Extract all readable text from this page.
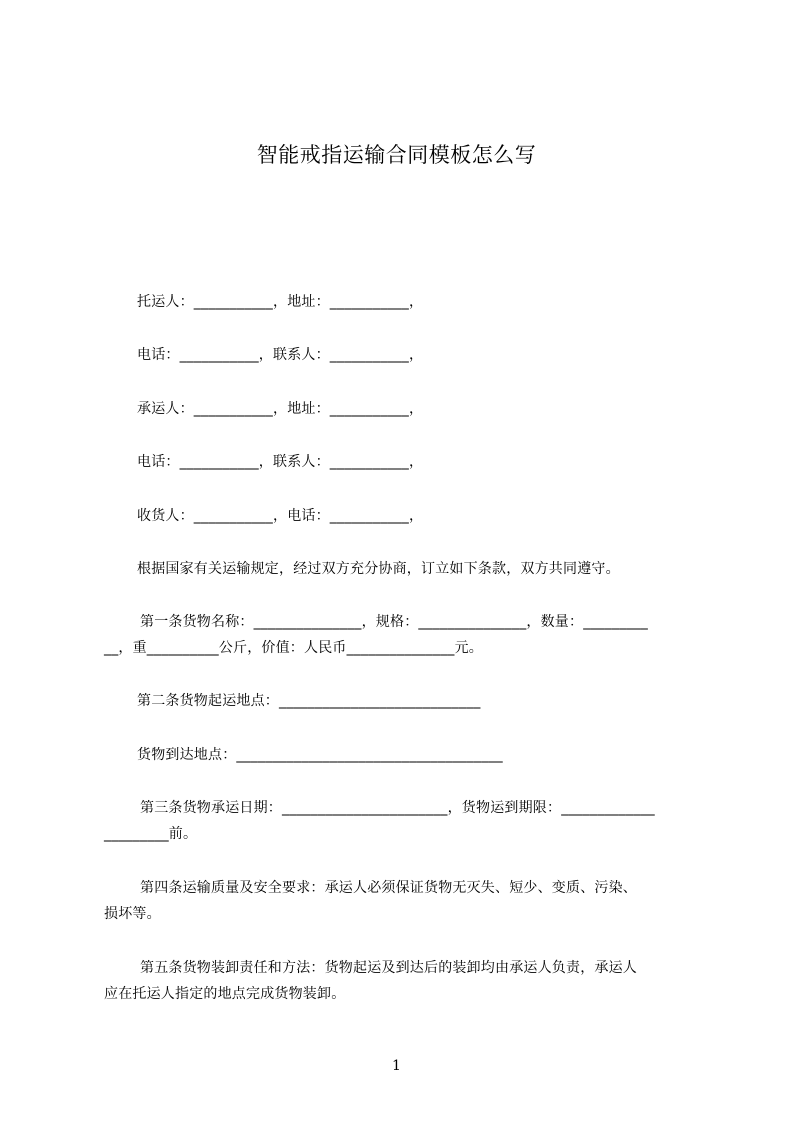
智能戒指运输合同模板怎么写
托运人：___________，地址：___________，
电话：___________，联系人：___________，
承运人：___________，地址：___________，
电话：___________，联系人：___________，
收货人：___________，电话：___________，
根据国家有关运输规定，经过双方充分协商，订立如下条款，双方共同遵守。
第一条货物名称：_______________，规格：_______________，数量：_________
__，重__________公斤，价值：人民币_______________元。
第二条货物起运地点：____________________________
货物到达地点：_____________________________________
第三条货物承运日期：_______________________，货物运到期限：_____________
_________前。
第四条运输质量及安全要求：承运人必须保证货物无灭失、短少、变质、污染、
损坏等。
第五条货物装卸责任和方法：货物起运及到达后的装卸均由承运人负责，承运人
应在托运人指定的地点完成货物装卸。
1
